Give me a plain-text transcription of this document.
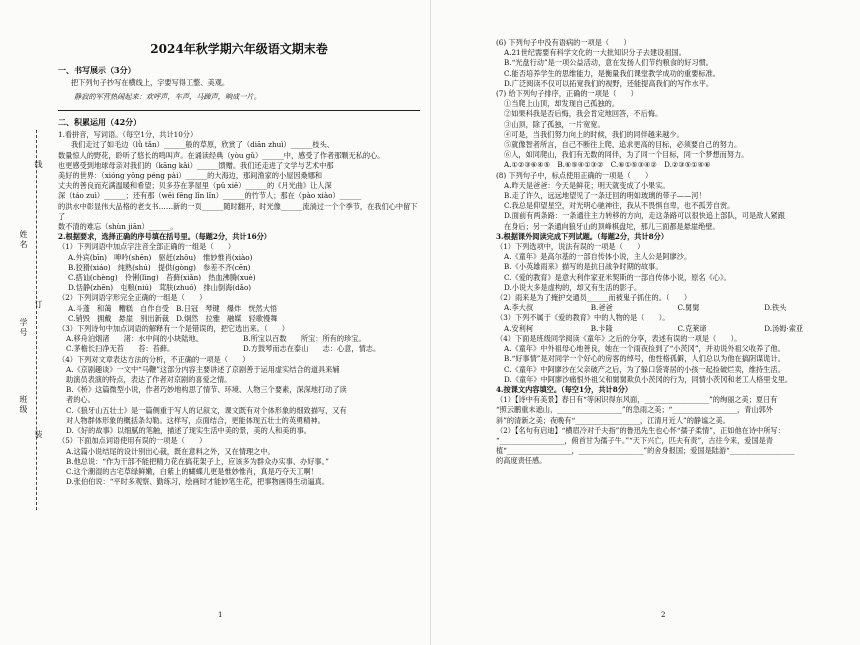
线
订
装
姓名
学号
班级
2024年秋学期六年级语文期末卷
一、书写展示（3分）
把下列句子抄写在横线上，字要写得工整、美观。
静寂的军营热闹起来：欢呼声，车声，马蹄声，响成一片。
二、积累运用（42分）
1.看拼音，写词语。（每空1分，共计10分）
我们走过了如毛边（lǜ tǎn）______般的草原，欣赏了（diān zhuì）______枝头、
数量惊人的野花，聆听了悠长的鸣叫声。在诵读经典（yòu gǔ）______中，感受了作者那颗无私的心。
也更感受到地球母亲对我们的（kāng kǎi）______馈赠。我们还走进了文学与艺术中那
美好的世界：（xióng yǒng péng pài）______的大海边，那间渔家的小屋因桑娜和
丈夫的善良而充满温暖和希望；贝多芬在茅屋里（pǔ xiě）______的《月光曲》让人深
深（táo zuì）______；还有那（wēi fēng lǐn lǐn）______的竹节人；那在（pào xiào）______
的洪水中彰显伟大品格的老支书……新的一页______随时翻开，时光像______流淌过一个个季节，在我们心中留下了
数不清的难忘（shùn jiān）______。
2.根据要求，选择正确的序号填在括号里。（每题2分，共计16分）
（1）下列词语中加点字注音全部正确的一组是（　　）
A.外宾(bīn)　呻吟(shēn)　驱赶(zhǒu)　惟妙惟肖(xiào)
B.狡猾(xiáo)　纯熟(shú)　提供(gòng)　参差不齐(cēn)
C.搭讪(chèng)　伶俐(lìng)　苔藓(xiǎn)　热血沸腾(xuè)
D.恬静(zhēn)　屯粮(niú)　茸肤(zhuó)　排山倒海(dǎo)
（2）下列词语字形完全正确的一组是（　　）
A.斗蓬　和蔼　糟糕　自作自受　B.日冠　琴键　爆炸　恍然大悟
C.销毁　拥戴　悬崖　别出新裁　D.炯然　拉雅　融媒　轻歌慢舞
（3）下列诗句中加点词语的解释有一个是错误的，把它选出来。（　　）
A.移舟泊烟渚　　渚：水中间的小块陆地。	B.所宝以百数　　所宝：所有的珍宝。
C.茅檐长扫净无苔　　苔：苔藓。	D.方鼓琴而志在泰山　　志：心意，情志。
（4）下列对文章表达方法的分析，不正确的一项是（　　）
A.《京剧趣谈》一文中“马鞭”这部分内容主要讲述了京剧善于运用虚实结合的道具来辅
助演员表演的特点，表达了作者对京剧的喜爱之情。
B.《桥》这篇微型小说，作者巧妙地构思了情节、环境、人物三个要素，深深地打动了读
者的心。
C.《狼牙山五壮士》是一篇侧重于写人的记叙文，课文既有对个体形象的细致描写，又有
对人物群体形象的概括条勾勒。这样写，点面结合，更能体现五壮士的英勇精神。
D.《好的故事》以细腻的笔触，描述了现实生活中美的景，美的人和美的事。
（5）下面加点词语使用有误的一项是（　　）
A.这篇小说结尾的设计别出心裁，既在意料之外，又在情理之中。
B.他总说：“作为干部不能把精力花在搞花架子上，应该多为群众办实事、办好事。”
C.这个潮湿的古宅草绿鲜嫩，白紫上的蝴蝶儿更是惟妙惟肖，真是巧夺天工啊！
D.张伯伯说：“平时多观察、勤练习，绘画时才能妙笔生花，把事物画得生动逼真。
1
(6) 下列句子中没有语病的一项是（　　）
A.21世纪需要有科学文化的一大批知识分子去建设祖国。
B.“光盘行动”是一项公益活动，意在发扬人们节约粮食的好习惯。
C.能否培养学生的思维能力，是衡量我们课堂教学成功的重要标准。
D.广泛阅读不仅可以拓宽我们的视野，还能提高我们的写作水平。
(7) 给下列句子排序，正确的一项是（　　）
①当爬上山顶，却发现自己孤独的。
②如果科我是否后悔，我会肯定地回答，不后悔。
③山顶，除了孤独，一片宽宽。
④可是，当我们努力向上的时候，我们的同伴越来越少。
⑤就像智者所言，自己不断往上爬，追求更高的目标，必须要自己的努力。
⑥人，如同爬山，我们有无数的同伴，为了同一个目标，同一个梦想而努力。
A.①②③⑥④⑤　B.⑥⑤④①③②　C.⑥①⑤③④②　D.②③⑤①④⑥
(8) 下列句子中，标点使用正确的一项是（　　）
A.昨天是爸爸：今天是鲜花；明天就变成了小果实。
B.走了许久，远远地望见了一条迂回的明如玻璃的带子——河！
C.我总是仰望星空，对光明心驰神往，我从不畏惧自卑，也不孤芳自赏。
D.面前有两条路：一条通往主力转移的方向，走这条路可以很快追上部队，可是敌人紧跟
在身后；另一条通向狼牙山的顶峰棋盘坨，那儿三面都是悬崖绝壁。
3.根据课外阅读完成下列试题。（每题2分，共计8分）
（1）下列选项中，说法有误的一项是（　　）
A.《童年》是高尔基的一部自传体小说，主人公是阿廖沙。
B.《小英雄雨来》描写的是抗日战争时期的故事。
C.《爱的教育》是意大利作家亚米契斯的一部自传体小说，原名《心》。
D.小说大多是虚构的，却又有生活的影子。
（2）雨来是为了掩护交通员______而被鬼子抓住的。（　　）
A.李大叔	B.爸爸	C.舅舅	D.铁头
（3）下列不属于《爱的教育》中的人物的是（　　）。
A.安利柯	B.卡隆	C.克莱谛	D.汤姆·索亚
（4）下面是班级同学阅读《童年》之后的分享，表述有误的一项是（　　）。
A.《童年》中外祖母心地善良，她在一个雨夜捡到了“小茨冈”，并劝说外祖父收养了他。
B.“好事情”是对同学一个好心的房客的绰号，他性格孤僻，人们总以为他在搞阴谋诡计。
C.《童年》中阿廖沙在父亲破产之后，为了躲口袋寄居的小孩一起捡破烂卖，维持生活。
D.《童年》中阿廖沙痛恨外祖父和舅舅欺负小茨冈的行为，同情小茨冈和老工人格里戈里。
4.按课文内容填空。（每空1分，共计8分）
（1）【诗中有美景】春日有“等闲识得东风面，__________________”的绚丽之美；夏日有
“照云鹏重未遮山，__________________”的急雨之美；“__________________，青山郭外
斜”的清新之美；夜晚有“__________________，江清月近人”的静谧之美。
（2）【名句有启迪】“横眉冷对千夫指”的鲁迅先生也心怀“孺子柔情”，正如他在诗中所写：
“__________________，俯首甘为孺子牛。”“天下兴亡，匹夫有责”，古往今来，爱国是青
植“__________________，__________________”的舍身报国；爱国是陆游“__________________
的高度责任感。
2
